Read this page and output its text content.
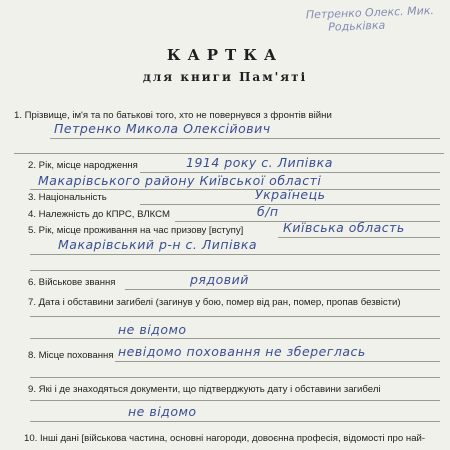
Петренко Олекс. Мик.
Родьківка
КАРТКА
для книги Пам'яті
1. Прізвище, ім'я та по батькові того, хто не повернувся з фронтів війни
Петренко Микола Олексійович
2. Рік, місце народження	1914 року с. Липівка
Макарівського району Київської області
3. Національність	Українець
4. Належність до КПРС, ВЛКСМ	б/п
5. Рік, місце проживання на час призову [вступу]	Київська область
Макарівський р-н с. Липівка
6. Військове звання	рядовий
7. Дата і обставини загибелі (загинув у бою, помер від ран, помер, пропав безвісти)
не відомо
8. Місце поховання невідомо поховання не збереглась
9. Які і де знаходяться документи, що підтверджують дату і обставини загибелі
не відомо
10. Інші дані [військова частина, основні нагороди, довоєнна професія, відомості про най-
